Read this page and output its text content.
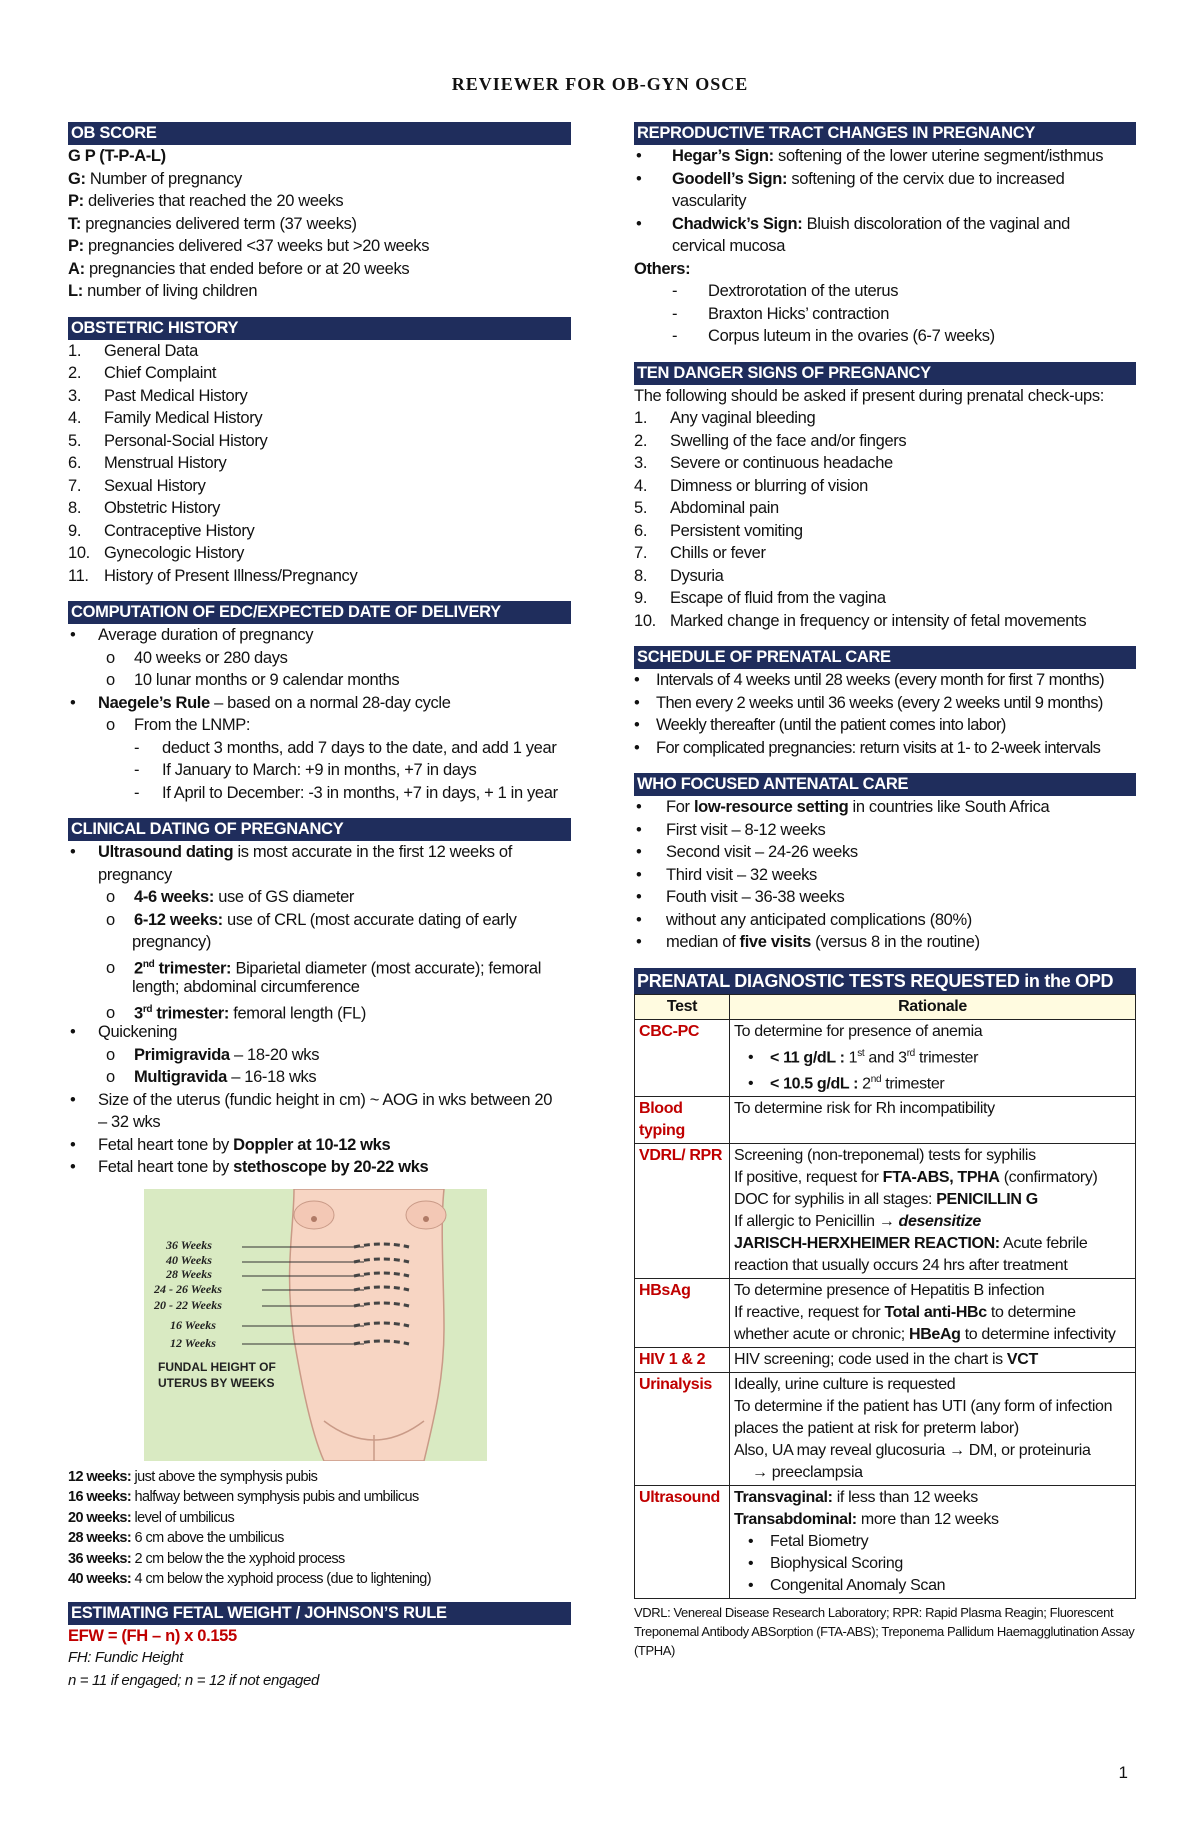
REVIEWER FOR OB-GYN OSCE
OB SCORE
G P (T-P-A-L)
G: Number of pregnancy
P: deliveries that reached the 20 weeks
T: pregnancies delivered term (37 weeks)
P: pregnancies delivered <37 weeks but >20 weeks
A: pregnancies that ended before or at 20 weeks
L: number of living children
OBSTETRIC HISTORY
1. General Data
2. Chief Complaint
3. Past Medical History
4. Family Medical History
5. Personal-Social History
6. Menstrual History
7. Sexual History
8. Obstetric History
9. Contraceptive History
10. Gynecologic History
11. History of Present Illness/Pregnancy
COMPUTATION OF EDC/EXPECTED DATE OF DELIVERY
• Average duration of pregnancy
o 40 weeks or 280 days
o 10 lunar months or 9 calendar months
• Naegele’s Rule – based on a normal 28-day cycle
o From the LNMP:
- deduct 3 months, add 7 days to the date, and add 1 year
- If January to March: +9 in months, +7 in days
- If April to December: -3 in months, +7 in days, + 1 in year
CLINICAL DATING OF PREGNANCY
• Ultrasound dating is most accurate in the first 12 weeks of
pregnancy
o 4-6 weeks: use of GS diameter
o 6-12 weeks: use of CRL (most accurate dating of early
pregnancy)
o 2nd trimester: Biparietal diameter (most accurate); femoral
length; abdominal circumference
o 3rd trimester: femoral length (FL)
• Quickening
o Primigravida – 18-20 wks
o Multigravida – 16-18 wks
• Size of the uterus (fundic height in cm) ~ AOG in wks between 20
– 32 wks
• Fetal heart tone by Doppler at 10-12 wks
• Fetal heart tone by stethoscope by 20-22 wks
36 Weeks
40 Weeks
28 Weeks
24 - 26 Weeks
20 - 22 Weeks
16 Weeks
12 Weeks
FUNDAL HEIGHT OF
UTERUS BY WEEKS
12 weeks: just above the symphysis pubis
16 weeks: halfway between symphysis pubis and umbilicus
20 weeks: level of umbilicus
28 weeks: 6 cm above the umbilicus
36 weeks: 2 cm below the the xyphoid process
40 weeks: 4 cm below the xyphoid process (due to lightening)
ESTIMATING FETAL WEIGHT / JOHNSON’S RULE
EFW = (FH – n) x 0.155
FH: Fundic Height
n = 11 if engaged; n = 12 if not engaged
REPRODUCTIVE TRACT CHANGES IN PREGNANCY
• Hegar’s Sign: softening of the lower uterine segment/isthmus
• Goodell’s Sign: softening of the cervix due to increased
vascularity
• Chadwick’s Sign: Bluish discoloration of the vaginal and
cervical mucosa
Others:
- Dextrorotation of the uterus
- Braxton Hicks’ contraction
- Corpus luteum in the ovaries (6-7 weeks)
TEN DANGER SIGNS OF PREGNANCY
The following should be asked if present during prenatal check-ups:
1. Any vaginal bleeding
2. Swelling of the face and/or fingers
3. Severe or continuous headache
4. Dimness or blurring of vision
5. Abdominal pain
6. Persistent vomiting
7. Chills or fever
8. Dysuria
9. Escape of fluid from the vagina
10. Marked change in frequency or intensity of fetal movements
SCHEDULE OF PRENATAL CARE
• Intervals of 4 weeks until 28 weeks (every month for first 7 months)
• Then every 2 weeks until 36 weeks (every 2 weeks until 9 months)
• Weekly thereafter (until the patient comes into labor)
• For complicated pregnancies: return visits at 1- to 2-week intervals
WHO FOCUSED ANTENATAL CARE
• For low-resource setting in countries like South Africa
• First visit – 8-12 weeks
• Second visit – 24-26 weeks
• Third visit – 32 weeks
• Fouth visit – 36-38 weeks
• without any anticipated complications (80%)
• median of five visits (versus 8 in the routine)
PRENATAL DIAGNOSTIC TESTS REQUESTED in the OPD
Test	Rationale
CBC-PC	To determine for presence of anemia
• < 11 g/dL : 1st and 3rd trimester
• < 10.5 g/dL : 2nd trimester

Blood typing	To determine risk for Rh incompatibility
VDRL/ RPR	Screening (non-treponemal) tests for syphilis
If positive, request for FTA-ABS, TPHA (confirmatory)
DOC for syphilis in all stages: PENICILLIN G
If allergic to Penicillin → desensitize
JARISCH-HERXHEIMER REACTION: Acute febrile reaction that usually occurs 24 hrs after treatment

HBsAg	To determine presence of Hepatitis B infection
If reactive, request for Total anti-HBc to determine whether acute or chronic; HBeAg to determine infectivity

HIV 1 & 2	HIV screening; code used in the chart is VCT
Urinalysis	Ideally, urine culture is requested
To determine if the patient has UTI (any form of infection places the patient at risk for preterm labor)
Also, UA may reveal glucosuria → DM, or proteinuria
→ preeclampsia

Ultrasound	Transvaginal: if less than 12 weeks
Transabdominal: more than 12 weeks
• Fetal Biometry
• Biophysical Scoring
• Congenital Anomaly Scan
VDRL: Venereal Disease Research Laboratory; RPR: Rapid Plasma Reagin; Fluorescent Treponemal Antibody ABSorption (FTA-ABS); Treponema Pallidum Haemagglutination Assay (TPHA)
1
